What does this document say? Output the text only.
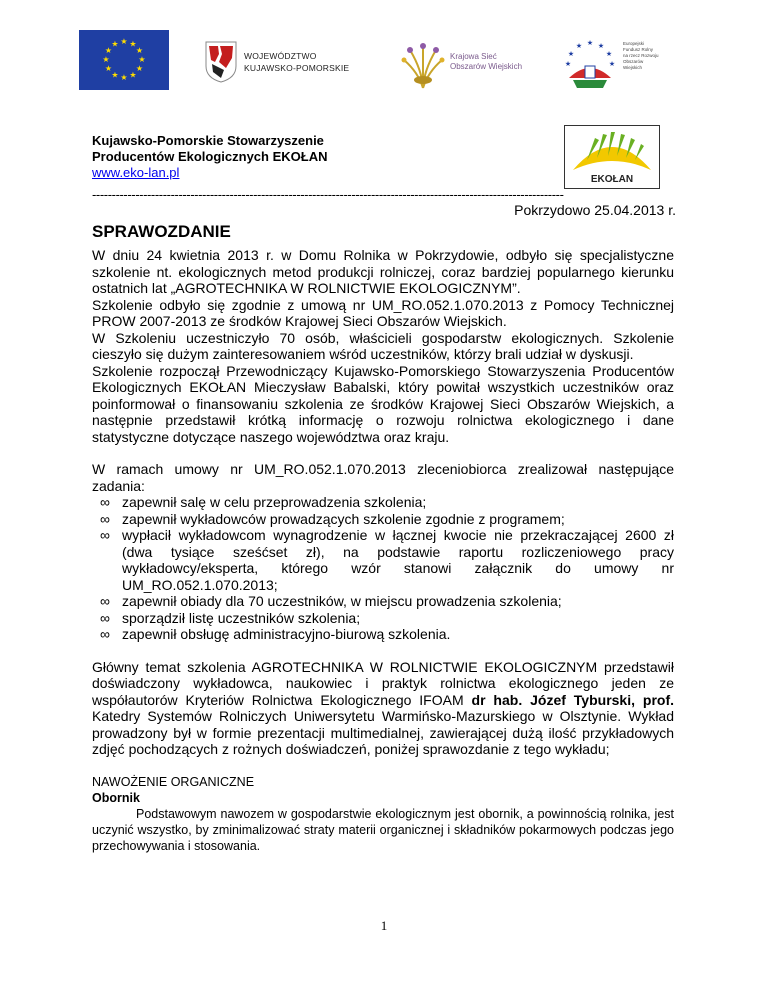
★ ★
★
★
★
★
★
★
★
★
★
★
WOJEWÓDZTWO
KUJAWSKO-POMORSKIE
Krajowa Sieć
Obszarów Wiejskich
★ ★
★
★
★
★
★
Europejski
Fundusz Rolny
na rzecz Rozwoju
Obszarów
Wiejskich
Kujawsko-Pomorskie Stowarzyszenie
Producentów Ekologicznych EKOŁAN
www.eko-lan.pl	EKOŁAN
------------------------------------------------------------------------------------------------------------------------
Pokrzydowo 25.04.2013 r.
SPRAWOZDANIE

W dniu 24 kwietnia 2013 r. w Domu Rolnika w Pokrzydowie, odbyło się specjalistyczne szkolenie nt. ekologicznych metod produkcji rolniczej, coraz bardziej popularnego kierunku ostatnich lat „AGROTECHNIKA W ROLNICTWIE EKOLOGICZNYM”.

Szkolenie odbyło się zgodnie z umową nr UM_RO.052.1.070.2013 z Pomocy Technicznej PROW 2007-2013 ze środków Krajowej Sieci Obszarów Wiejskich.

W Szkoleniu uczestniczyło 70 osób, właścicieli gospodarstw ekologicznych. Szkolenie cieszyło się dużym zainteresowaniem wśród uczestników, którzy brali udział w dyskusji.

Szkolenie rozpoczął Przewodniczący Kujawsko-Pomorskiego Stowarzyszenia Producentów Ekologicznych EKOŁAN Mieczysław Babalski, który powitał wszystkich uczestników oraz poinformował o finansowaniu szkolenia ze środków Krajowej Sieci Obszarów Wiejskich, a następnie przedstawił krótką informację o rozwoju rolnictwa ekologicznego i dane statystyczne dotyczące naszego województwa oraz kraju.

W ramach umowy nr UM_RO.052.1.070.2013 zleceniobiorca zrealizował następujące zadania:

∞ zapewnił salę w celu przeprowadzenia szkolenia;
∞ zapewnił wykładowców prowadzących szkolenie zgodnie z programem;
∞ wypłacił wykładowcom wynagrodzenie w łącznej kwocie nie przekraczającej 2600 zł (dwa tysiące sześćset zł), na podstawie raportu rozliczeniowego pracy wykładowcy/eksperta, którego wzór stanowi załącznik do umowy nr UM_RO.052.1.070.2013;
∞ zapewnił obiady dla 70 uczestników, w miejscu prowadzenia szkolenia;
∞ sporządził listę uczestników szkolenia;
∞ zapewnił obsługę administracyjno-biurową szkolenia.

Główny temat szkolenia AGROTECHNIKA W ROLNICTWIE EKOLOGICZNYM przedstawił doświadczony wykładowca, naukowiec i praktyk rolnictwa ekologicznego jeden ze współautorów Kryteriów Rolnictwa Ekologicznego IFOAM dr hab. Józef Tyburski, prof. Katedry Systemów Rolniczych Uniwersytetu Warmińsko-Mazurskiego w Olsztynie. Wykład prowadzony był w formie prezentacji multimedialnej, zawierającej dużą ilość przykładowych zdjęć pochodzących z rożnych doświadczeń, poniżej sprawozdanie z tego wykładu;

NAWOŻENIE ORGANICZNE
Obornik

Podstawowym nawozem w gospodarstwie ekologicznym jest obornik, a powinnością rolnika, jest uczynić wszystko, by zminimalizować straty materii organicznej i składników pokarmowych podczas jego przechowywania i stosowania.

1
